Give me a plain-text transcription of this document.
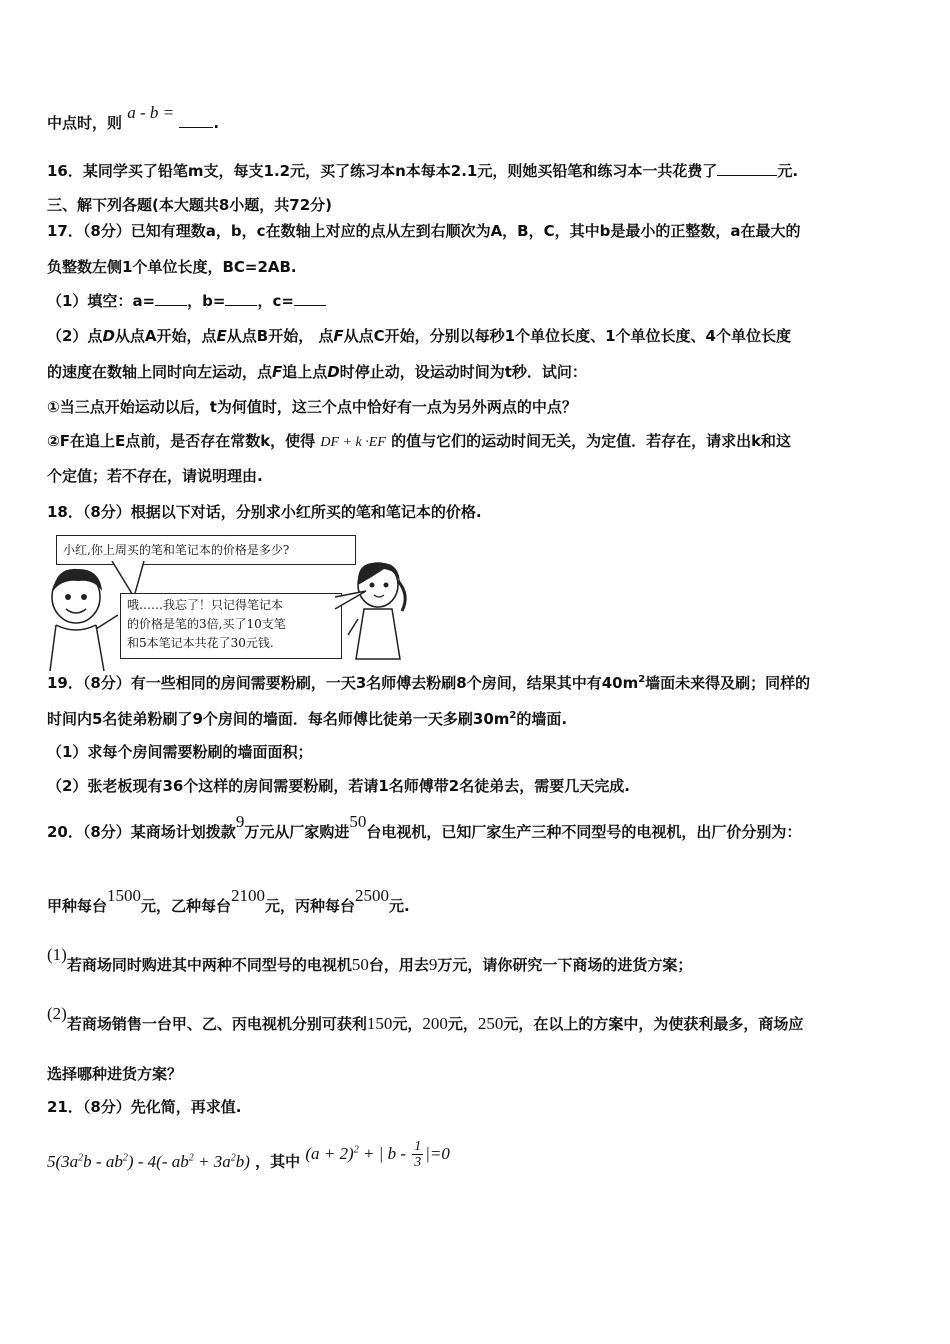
中点时，则 a - b = .
16．某同学买了铅笔m支，每支1.2元，买了练习本n本每本2.1元，则她买铅笔和练习本一共花费了	元.
三、解下列各题(本大题共8小题，共72分)
17．（8分）已知有理数a，b，c在数轴上对应的点从左到右顺次为A，B，C，其中b是最小的正整数，a在最大的
负整数左侧1个单位长度，BC=2AB.
（1）填空：a= ，b= ，c=
（2）点D从点A开始，点E从点B开始， 点F从点C开始，分别以每秒1个单位长度、1个单位长度、4个单位长度
的速度在数轴上同时向左运动，点F追上点D时停止动，设运动时间为t秒．试问：
①当三点开始运动以后，t为何值时，这三个点中恰好有一点为另外两点的中点？
②F在追上E点前，是否存在常数k，使得 DF + k ·EF 的值与它们的运动时间无关，为定值．若存在，请求出k和这
个定值；若不存在，请说明理由.
18．（8分）根据以下对话，分别求小红所买的笔和笔记本的价格.
小红,你上周买的笔和笔记本的价格是多少?
哦……我忘了！只记得笔记本
的价格是笔的3倍,买了10支笔
和5本笔记本共花了30元钱.
19．（8分）有一些相同的房间需要粉刷，一天3名师傅去粉刷8个房间，结果其中有$40m^2$墙面未来得及刷；同样的
时间内5名徒弟粉刷了9个房间的墙面．每名师傅比徒弟一天多刷$30m^2$的墙面.
（1）求每个房间需要粉刷的墙面面积；
（2）张老板现有36个这样的房间需要粉刷，若请1名师傅带2名徒弟去，需要几天完成.
20．（8分）某商场计划拨款9万元从厂家购进50台电视机，已知厂家生产三种不同型号的电视机，出厂价分别为：
甲种每台1500元，乙种每台2100元，丙种每台2500元.
(1)若商场同时购进其中两种不同型号的电视机50台，用去9万元，请你研究一下商场的进货方案；
(2)若商场销售一台甲、乙、丙电视机分别可获利150元，200元，250元，在以上的方案中，为使获利最多，商场应
选择哪种进货方案？
21．（8分）先化简，再求值.
$5(3a^2b - ab^2) - 4(-$ $ab^2 + 3a^2b$) ，其中 $(a + 2)^2$ + | $b - \frac{1}{3} |=0$
